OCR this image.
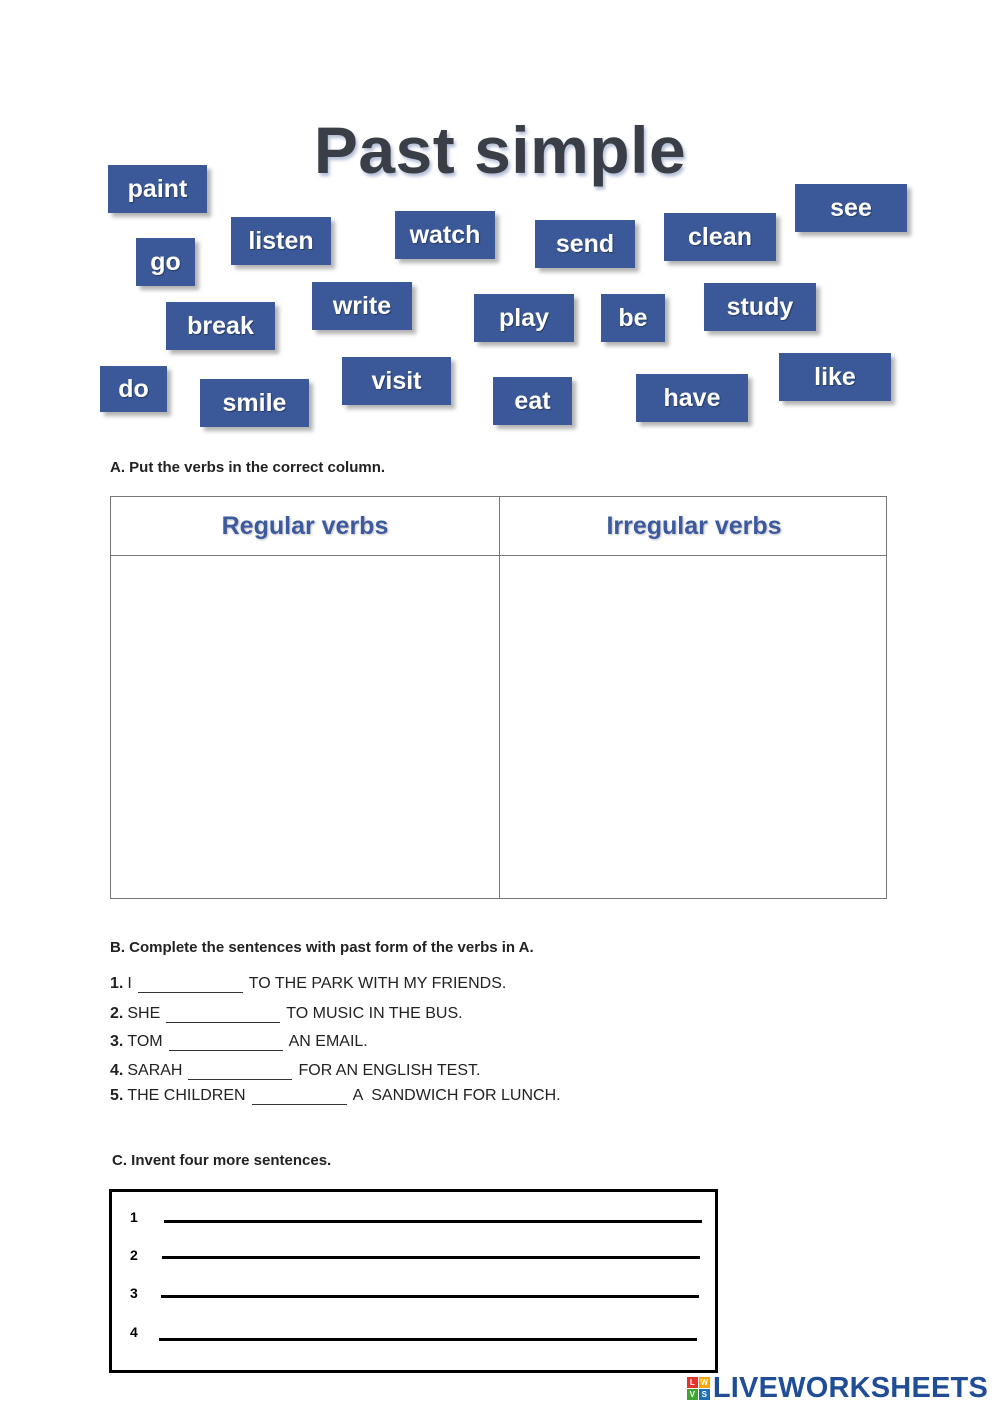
Past simple
paint
go
listen	watch	send	clean
see
break
write	play	be	study
do	smile
visit
eat	have
like
A. Put the verbs in the correct column.
Regular verbs	Irregular verbs
B. Complete the sentences with past form of the verbs in A.
1. I	TO THE PARK WITH MY FRIENDS.
2. SHE	TO MUSIC IN THE BUS.
3. TOM	AN EMAIL.
4. SARAH	FOR AN ENGLISH TEST.
5. THE CHILDREN	A  SANDWICH FOR LUNCH.
C. Invent four more sentences.
1
2
3
4
L W
V S LIVEWORKSHEETS
